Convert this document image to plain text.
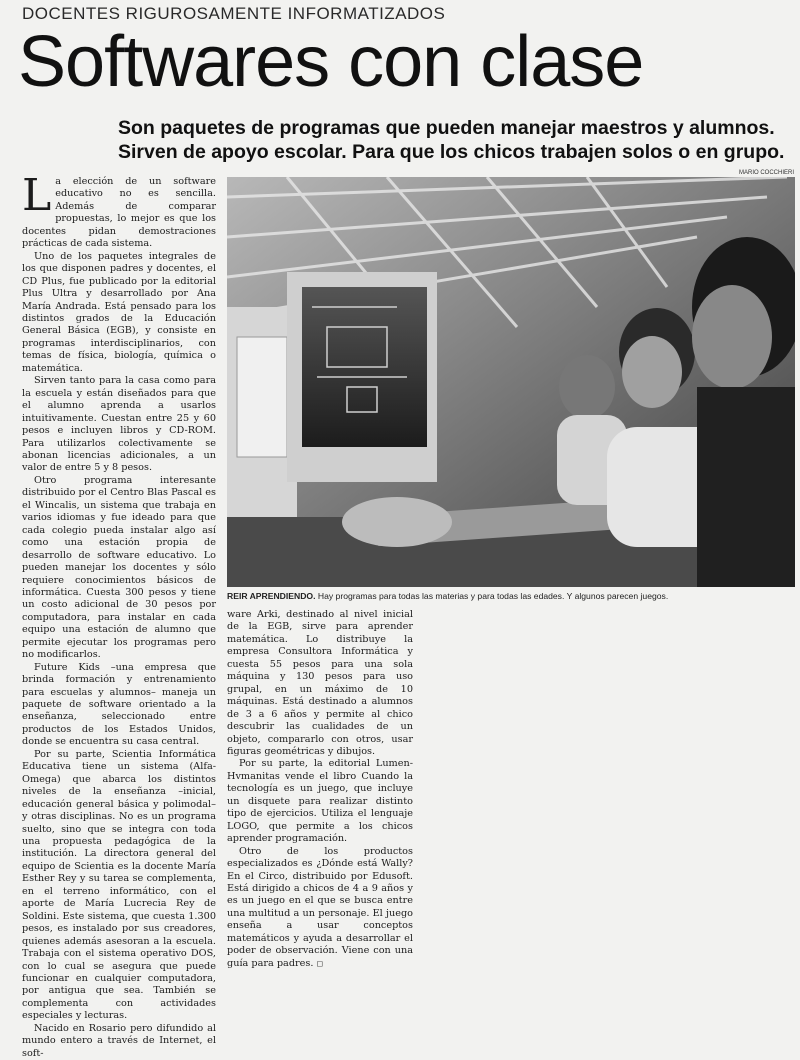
DOCENTES RIGUROSAMENTE INFORMATIZADOS
Softwares con clase
Son paquetes de programas que pueden manejar maestros y alumnos.
Sirven de apoyo escolar. Para que los chicos trabajen solos o en grupo.
MARIO COCCHIERI

La elección de un software educativo no es sencilla. Además de comparar propuestas, lo mejor es que los docentes pidan demostraciones prácticas de cada sistema.

Uno de los paquetes integrales de los que disponen padres y docentes, el CD Plus, fue publicado por la editorial Plus Ultra y desarrollado por Ana María Andrada. Está pensado para los distintos grados de la Educación General Básica (EGB), y consiste en programas interdisciplinarios, con temas de física, biología, química o matemática.

Sirven tanto para la casa como para la escuela y están diseñados para que el alumno aprenda a usarlos intuitivamente. Cuestan entre 25 y 60 pesos e incluyen libros y CD-ROM. Para utilizarlos colectivamente se abonan licencias adicionales, a un valor de entre 5 y 8 pesos.

Otro programa interesante distribuido por el Centro Blas Pascal es el Wincalis, un sistema que trabaja en varios idiomas y fue ideado para que cada colegio pueda instalar algo así como una estación propia de desarrollo de software educativo. Lo pueden manejar los docentes y sólo requiere conocimientos básicos de informática. Cuesta 300 pesos y tiene un costo adicional de 30 pesos por computadora, para instalar en cada equipo una estación de alumno que permite ejecutar los programas pero no modificarlos.

Future Kids –una empresa que brinda formación y entrenamiento para escuelas y alumnos– maneja un paquete de software orientado a la enseñanza, seleccionado entre productos de los Estados Unidos, donde se encuentra su casa central.

Por su parte, Scientia Informática Educativa tiene un sistema (Alfa-Omega) que abarca los distintos niveles de la enseñanza –inicial, educación general básica y polimodal– y otras disciplinas. No es un programa suelto, sino que se integra con toda una propuesta pedagógica de la institución. La directora general del equipo de Scientia es la docente María Esther Rey y su tarea se complementa, en el terreno informático, con el aporte de María Lucrecia Rey de Soldini. Este sistema, que cuesta 1.300 pesos, es instalado por sus creadores, quienes además asesoran a la escuela. Trabaja con el sistema operativo DOS, con lo cual se asegura que puede funcionar en cualquier computadora, por antigua que sea. También se complementa con actividades especiales y lecturas.

Nacido en Rosario pero difundido al mundo entero a través de Internet, el soft-

REIR APRENDIENDO. Hay programas para todas las materias y para todas las edades. Y algunos parecen juegos.

ware Arki, destinado al nivel inicial de la EGB, sirve para aprender matemática. Lo distribuye la empresa Consultora Informática y cuesta 55 pesos para una sola máquina y 130 pesos para uso grupal, en un máximo de 10 máquinas. Está destinado a alumnos de 3 a 6 años y permite al chico descubrir las cualidades de un objeto, compararlo con otros, usar figuras geométricas y dibujos.

Por su parte, la editorial Lumen-Hvmanitas vende el libro Cuando la tecnología es un juego, que incluye un disquete para realizar distinto tipo de ejercicios. Utiliza el lenguaje LOGO, que permite a los chicos aprender programación.

Otro de los productos especializados es ¿Dónde está Wally? En el Circo, distribuido por Edusoft. Está dirigido a chicos de 4 a 9 años y es un juego en el que se busca entre una multitud a un personaje. El juego enseña a usar conceptos matemáticos y ayuda a desarrollar el poder de observación. Viene con una guía para padres. ◻
